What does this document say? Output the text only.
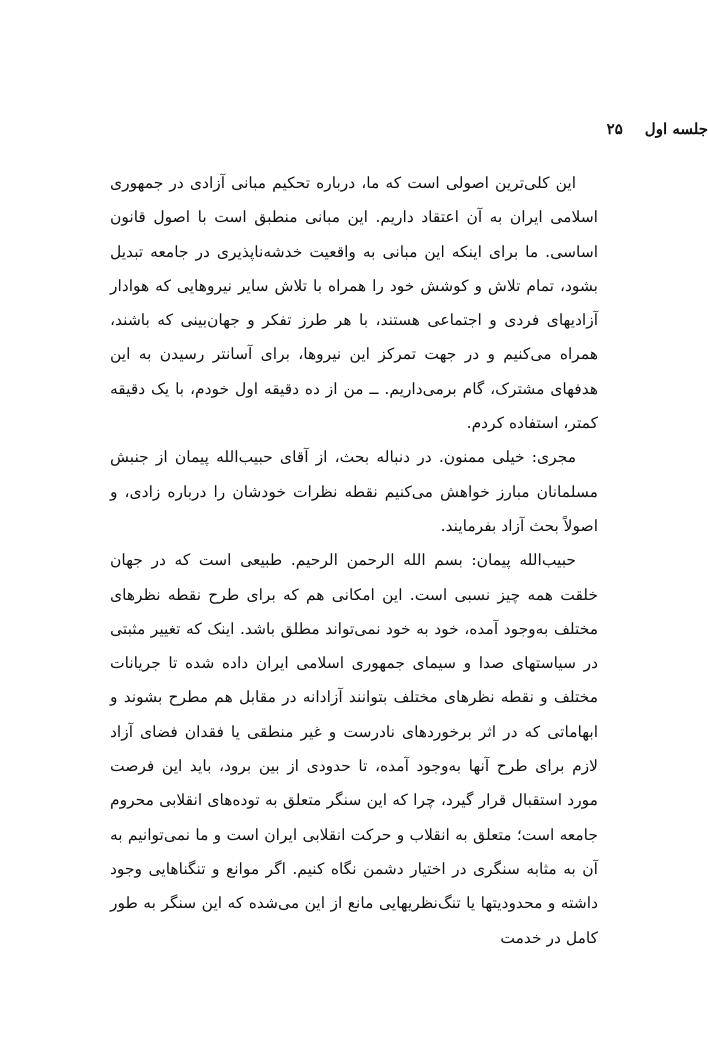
جلسه اول
۲۵

این کلی‌ترین اصولی است که ما، درباره تحکیم مبانی آزادی در جمهوری اسلامی ایران به آن اعتقاد داریم. این مبانی منطبق است با اصول قانون اساسی. ما برای اینکه این مبانی به واقعیت خدشه‌ناپذیری در جامعه تبدیل بشود، تمام تلاش و کوشش خود را همراه با تلاش سایر نیروهایی که هوادار آزادیهای فردی و اجتماعی هستند، با هر طرز تفکر و جهان‌بینی که باشند، همراه می‌کنیم و در جهت تمرکز این نیروها، برای آسانتر رسیدن به این هدفهای مشترک، گام برمی‌داریم. ــ من از ده دقیقه اول خودم، با یک دقیقه کمتر، استفاده کردم.

مجری: خیلی ممنون. در دنباله بحث، از آقای حبیب‌الله پیمان از جنبش مسلمانان مبارز خواهش می‌کنیم نقطه نظرات خودشان را درباره زادی، و اصولاً بحث آزاد بفرمایند.

حبیب‌الله پیمان: بسم الله الرحمن الرحیم. طبیعی است که در جهان خلقت همه چیز نسبی است. این امکانی هم که برای طرح نقطه نظرهای مختلف به‌وجود آمده، خود به خود نمی‌تواند مطلق باشد. اینک که تغییر مثبتی در سیاستهای صدا و سیمای جمهوری اسلامی ایران داده شده تا جریانات مختلف و نقطه نظرهای مختلف بتوانند آزادانه در مقابل هم مطرح بشوند و ابهاماتی که در اثر برخوردهای نادرست و غیر منطقی یا فقدان فضای آزاد لازم برای طرح آنها به‌وجود آمده، تا حدودی از بین برود، باید این فرصت مورد استقبال قرار گیرد، چرا که این سنگر متعلق به توده‌های انقلابی محروم جامعه است؛ متعلق به انقلاب و حرکت انقلابی ایران است و ما نمی‌توانیم به آن به مثابه سنگری در اختیار دشمن نگاه کنیم. اگر موانع و تنگناهایی وجود داشته و محدودیتها یا تنگ‌نظریهایی مانع از این می‌شده که این سنگر به طور کامل در خدمت
